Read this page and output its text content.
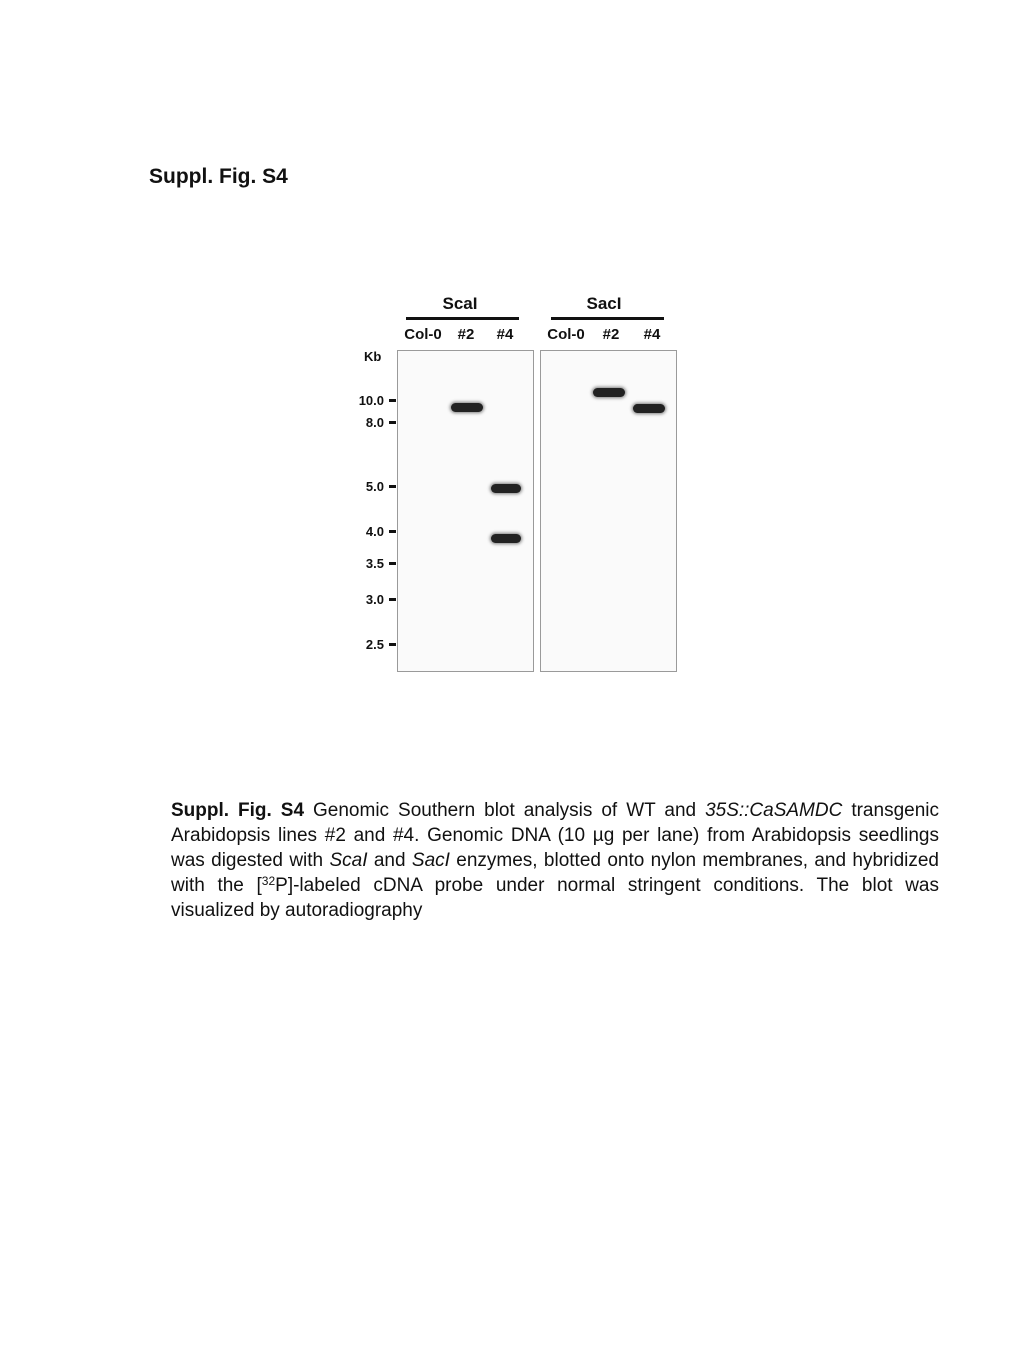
Suppl. Fig. S4
ScaI	SacI
Col-0	#2	#4	Col-0	#2	#4
Kb
10.0
8.0
5.0
4.0
3.5
3.0
2.5
Suppl. Fig. S4 Genomic Southern blot analysis of WT and 35S::CaSAMDC transgenic Arabidopsis lines #2 and #4. Genomic DNA (10 µg per lane) from Arabidopsis seedlings was digested with ScaI and SacI enzymes, blotted onto nylon membranes, and hybridized with the [$^{32}$P]-labeled cDNA probe under normal stringent conditions. The blot was visualized by autoradiography
